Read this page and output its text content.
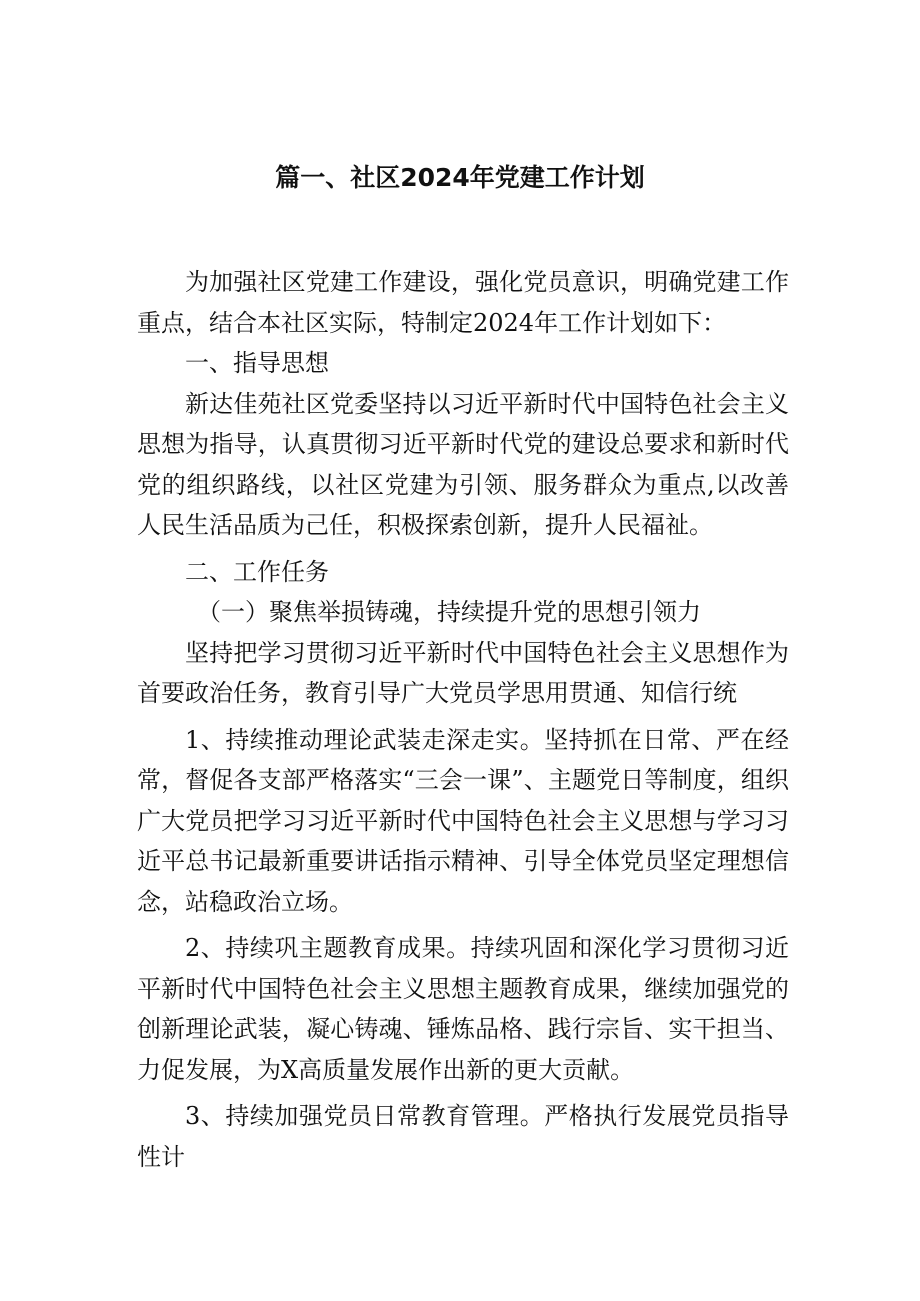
篇一、社区2024年党建工作计划

为加强社区党建工作建设，强化党员意识，明确党建工作重点，结合本社区实际，特制定2024年工作计划如下：

一、指导思想

新达佳苑社区党委坚持以习近平新时代中国特色社会主义思想为指导，认真贯彻习近平新时代党的建设总要求和新时代党的组织路线，以社区党建为引领、服务群众为重点,以改善人民生活品质为己任，积极探索创新，提升人民福祉。

二、工作任务

（一）聚焦举损铸魂，持续提升党的思想引领力

坚持把学习贯彻习近平新时代中国特色社会主义思想作为首要政治任务，教育引导广大党员学思用贯通、知信行统

1、持续推动理论武装走深走实。坚持抓在日常、严在经常，督促各支部严格落实“三会一课”、主题党日等制度，组织广大党员把学习习近平新时代中国特色社会主义思想与学习习近平总书记最新重要讲话指示精神、引导全体党员坚定理想信念，站稳政治立场。

2、持续巩主题教育成果。持续巩固和深化学习贯彻习近平新时代中国特色社会主义思想主题教育成果，继续加强党的创新理论武装，凝心铸魂、锤炼品格、践行宗旨、实干担当、力促发展，为X高质量发展作出新的更大贡献。

3、持续加强党员日常教育管理。严格执行发展党员指导性计
